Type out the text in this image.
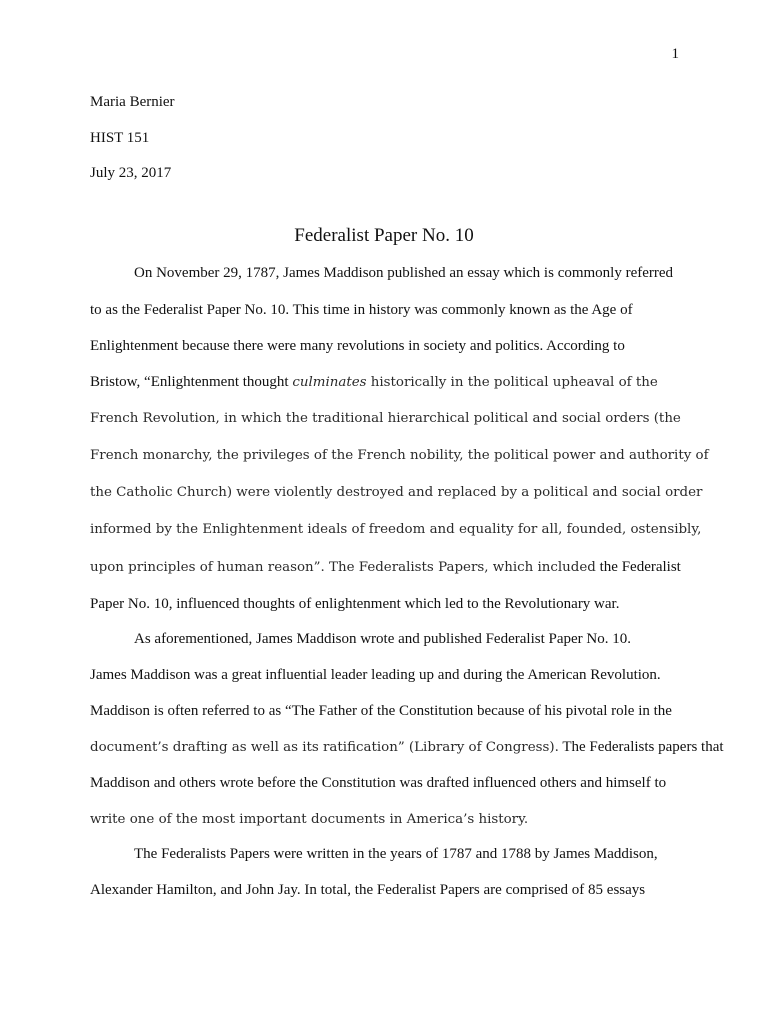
1
Maria Bernier
HIST 151
July 23, 2017
Federalist Paper No. 10
On November 29, 1787, James Maddison published an essay which is commonly referred
to as the Federalist Paper No. 10. This time in history was commonly known as the Age of
Enlightenment because there were many revolutions in society and politics. According to
Bristow, “Enlightenment thought culminates historically in the political upheaval of the
French Revolution, in which the traditional hierarchical political and social orders (the
French monarchy, the privileges of the French nobility, the political power and authority of
the Catholic Church) were violently destroyed and replaced by a political and social order
informed by the Enlightenment ideals of freedom and equality for all, founded, ostensibly,
upon principles of human reason”. The Federalists Papers, which included the Federalist
Paper No. 10, influenced thoughts of enlightenment which led to the Revolutionary war.
As aforementioned, James Maddison wrote and published Federalist Paper No. 10.
James Maddison was a great influential leader leading up and during the American Revolution.
Maddison is often referred to as “The Father of the Constitution because of his pivotal role in the
document’s drafting as well as its ratification” (Library of Congress). The Federalists papers that
Maddison and others wrote before the Constitution was drafted influenced others and himself to
write one of the most important documents in America’s history.
The Federalists Papers were written in the years of 1787 and 1788 by James Maddison,
Alexander Hamilton, and John Jay. In total, the Federalist Papers are comprised of 85 essays
